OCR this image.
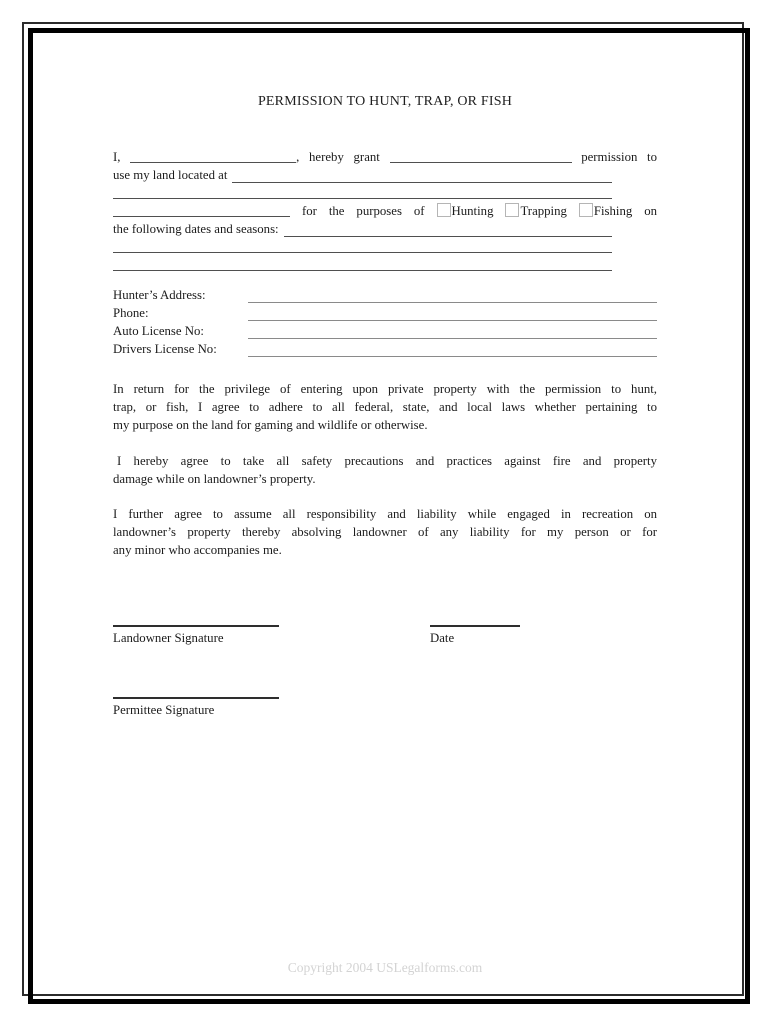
PERMISSION TO HUNT, TRAP, OR FISH
I,	, hereby grant	permission to
use my land located at
for the purposes of Hunting Trapping Fishing on
the following dates and seasons:
Hunter’s Address:
Phone:
Auto License No:
Drivers License No:
In return for the privilege of entering upon private property with the permission to hunt,
trap, or fish, I agree to adhere to all federal, state, and local laws whether pertaining to
my purpose on the land for gaming and wildlife or otherwise.
I hereby agree to take all safety precautions and practices against fire and property
damage while on landowner’s property.
I further agree to assume all responsibility and liability while engaged in recreation on
landowner’s property thereby absolving landowner of any liability for my person or for
any minor who accompanies me.
Landowner Signature	Date
Permittee Signature
Copyright 2004 USLegalforms.com
